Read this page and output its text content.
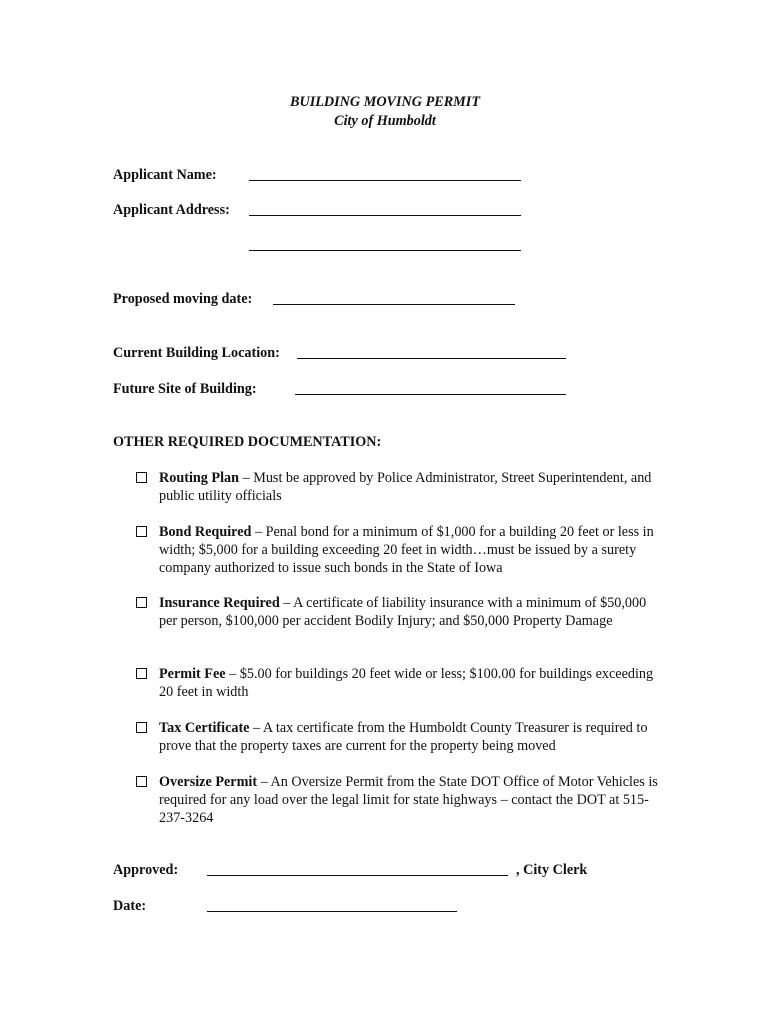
BUILDING MOVING PERMIT
City of Humboldt
Applicant Name:
Applicant Address:
Proposed moving date:
Current Building Location:
Future Site of Building:
OTHER REQUIRED DOCUMENTATION:
Routing Plan – Must be approved by Police Administrator, Street Superintendent, and public utility officials
Bond Required – Penal bond for a minimum of $1,000 for a building 20 feet or less in width; $5,000 for a building exceeding 20 feet in width…must be issued by a surety company authorized to issue such bonds in the State of Iowa
Insurance Required – A certificate of liability insurance with a minimum of $50,000 per person, $100,000 per accident Bodily Injury; and $50,000 Property Damage
Permit Fee – $5.00 for buildings 20 feet wide or less; $100.00 for buildings exceeding 20 feet in width
Tax Certificate – A tax certificate from the Humboldt County Treasurer is required to prove that the property taxes are current for the property being moved
Oversize Permit – An Oversize Permit from the State DOT Office of Motor Vehicles is required for any load over the legal limit for state highways – contact the DOT at 515-237-3264
Approved:	, City Clerk
Date:
